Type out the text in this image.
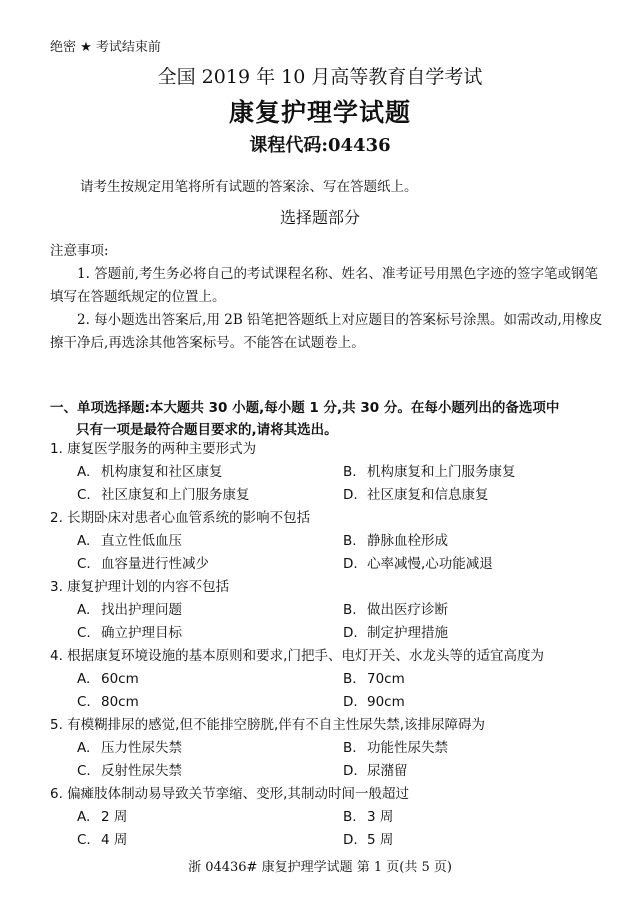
绝密 ★ 考试结束前
全国 2019 年 10 月高等教育自学考试
康复护理学试题
课程代码:04436
请考生按规定用笔将所有试题的答案涂、写在答题纸上。
选择题部分

注意事项:

1. 答题前,考生务必将自己的考试课程名称、姓名、准考证号用黑色字迹的签字笔或钢笔填写在答题纸规定的位置上。

2. 每小题选出答案后,用 2B 铅笔把答题纸上对应题目的答案标号涂黑。如需改动,用橡皮擦干净后,再选涂其他答案标号。不能答在试题卷上。

一、单项选择题:本大题共 30 小题,每小题 1 分,共 30 分。在每小题列出的备选项中
只有一项是最符合题目要求的,请将其选出。
1. 康复医学服务的两种主要形式为
A. 机构康复和社区康复	B. 机构康复和上门服务康复
C. 社区康复和上门服务康复	D. 社区康复和信息康复
2. 长期卧床对患者心血管系统的影响不包括
A. 直立性低血压	B. 静脉血栓形成
C. 血容量进行性减少	D. 心率减慢,心功能减退
3. 康复护理计划的内容不包括
A. 找出护理问题	B. 做出医疗诊断
C. 确立护理目标	D. 制定护理措施
4. 根据康复环境设施的基本原则和要求,门把手、电灯开关、水龙头等的适宜高度为
A. 60cm	B. 70cm
C. 80cm	D. 90cm
5. 有模糊排尿的感觉,但不能排空膀胱,伴有不自主性尿失禁,该排尿障碍为
A. 压力性尿失禁	B. 功能性尿失禁
C. 反射性尿失禁	D. 尿潴留
6. 偏瘫肢体制动易导致关节挛缩、变形,其制动时间一般超过
A. 2 周	B. 3 周
C. 4 周	D. 5 周
浙 04436# 康复护理学试题 第 1 页(共 5 页)
